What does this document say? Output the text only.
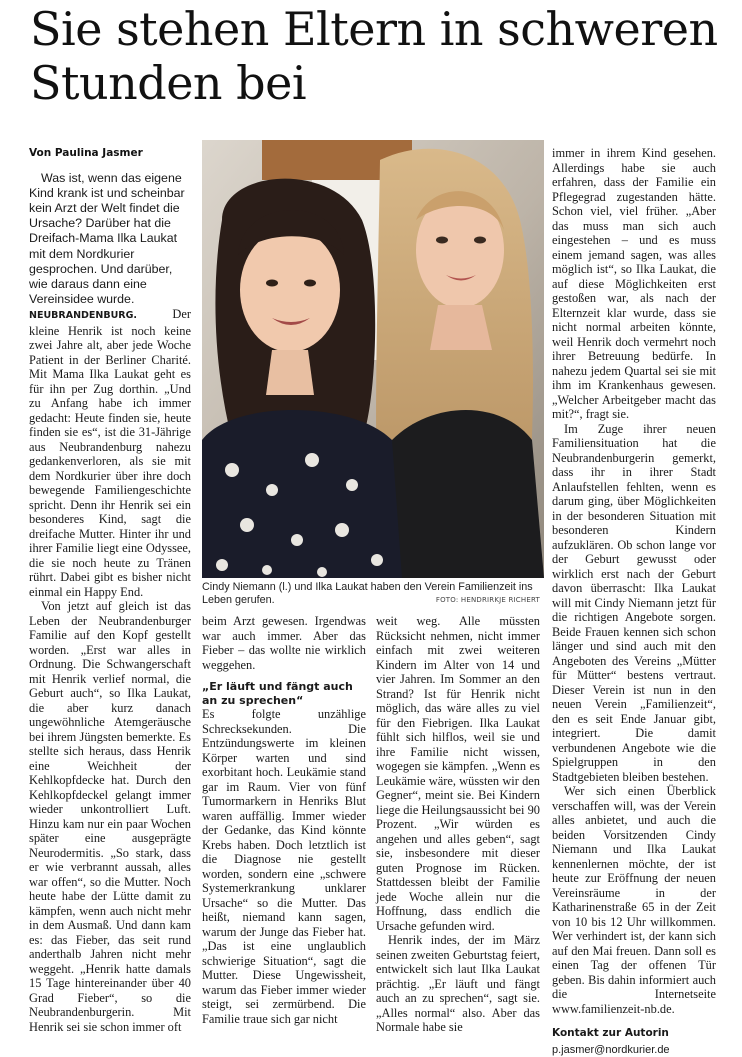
Sie stehen Eltern in schweren Stunden bei
Von Paulina Jasmer

Was ist, wenn das eigene Kind krank ist und scheinbar kein Arzt der Welt findet die Ursache? Darüber hat die Dreifach-Mama Ilka Laukat mit dem Nordkurier gesprochen. Und darüber, wie daraus dann eine Vereinsidee wurde.

NEUBRANDENBURG.	Der kleine Henrik ist noch keine zwei Jahre alt, aber jede Woche Patient in der Berliner Charité. Mit Mama Ilka Laukat geht es für ihn per Zug dorthin. „Und zu Anfang habe ich immer gedacht: Heute finden sie, heute finden sie es“, ist die 31-Jährige aus Neubrandenburg nahezu gedankenverloren, als sie mit dem Nordkurier über ihre doch bewegende Familiengeschichte spricht. Denn ihr Henrik sei ein besonderes Kind, sagt die dreifache Mutter. Hinter ihr und ihrer Familie liegt eine Odyssee, die sie noch heute zu Tränen rührt. Dabei gibt es bisher nicht einmal ein Happy End.

Von jetzt auf gleich ist das Leben der Neubrandenburger Familie auf den Kopf gestellt worden. „Erst war alles in Ordnung. Die Schwangerschaft mit Henrik verlief normal, die Geburt auch“, so Ilka Laukat, die aber kurz danach ungewöhnliche Atemgeräusche bei ihrem Jüngsten bemerkte. Es stellte sich heraus, dass Henrik eine Weichheit der Kehlkopfdecke hat. Durch den Kehlkopfdeckel gelangt immer wieder unkontrolliert Luft. Hinzu kam nur ein paar Wochen später eine ausgeprägte Neurodermitis. „So stark, dass er wie verbrannt aussah, alles war offen“, so die Mutter. Noch heute habe der Lütte damit zu kämpfen, wenn auch nicht mehr in dem Ausmaß. Und dann kam es: das Fieber, das seit rund anderthalb Jahren nicht mehr weggeht. „Henrik hatte damals 15 Tage hintereinander über 40 Grad Fieber“, so die Neubrandenburgerin. Mit Henrik sei sie schon immer oft

Cindy Niemann (l.) und Ilka Laukat haben den Verein Familienzeit ins Leben gerufen.	FOTO: HENDRIRKJE RICHERT

beim Arzt gewesen. Irgendwas war auch immer. Aber das Fieber – das wollte nie wirklich weggehen.

„Er läuft und fängt auch an zu sprechen“

Es folgte unzählige Schrecksekunden. Die Entzündungswerte im kleinen Körper warten und sind exorbitant hoch. Leukämie stand gar im Raum. Vier von fünf Tumormarkern in Henriks Blut waren auffällig. Immer wieder der Gedanke, das Kind könnte Krebs haben. Doch letztlich ist die Diagnose nie gestellt worden, sondern eine „schwere Systemerkrankung unklarer Ursache“ so die Mutter. Das heißt, niemand kann sagen, warum der Junge das Fieber hat. „Das ist eine unglaublich schwierige Situation“, sagt die Mutter. Diese Ungewissheit, warum das Fieber immer wieder steigt, sei zermürbend. Die Familie traue sich gar nicht

weit weg. Alle müssten Rücksicht nehmen, nicht immer einfach mit zwei weiteren Kindern im Alter von 14 und vier Jahren. Im Sommer an den Strand? Ist für Henrik nicht möglich, das wäre alles zu viel für den Fiebrigen. Ilka Laukat fühlt sich hilflos, weil sie und ihre Familie nicht wissen, wogegen sie kämpfen. „Wenn es Leukämie wäre, wüssten wir den Gegner“, meint sie. Bei Kindern liege die Heilungsaussicht bei 90 Prozent. „Wir würden es angehen und alles geben“, sagt sie, insbesondere mit dieser guten Prognose im Rücken. Stattdessen bleibt der Familie jede Woche allein nur die Hoffnung, dass endlich die Ursache gefunden wird.

Henrik indes, der im März seinen zweiten Geburtstag feiert, entwickelt sich laut Ilka Laukat prächtig. „Er läuft und fängt auch an zu sprechen“, sagt sie. „Alles normal“ also. Aber das Normale habe sie

immer in ihrem Kind gesehen. Allerdings habe sie auch erfahren, dass der Familie ein Pflegegrad zugestanden hätte. Schon viel, viel früher. „Aber das muss man sich auch eingestehen – und es muss einem jemand sagen, was alles möglich ist“, so Ilka Laukat, die auf diese Möglichkeiten erst gestoßen war, als nach der Elternzeit klar wurde, dass sie nicht normal arbeiten könnte, weil Henrik doch vermehrt noch ihrer Betreuung bedürfe. In nahezu jedem Quartal sei sie mit ihm im Krankenhaus gewesen. „Welcher Arbeitgeber macht das mit?“, fragt sie.

Im Zuge ihrer neuen Familiensituation hat die Neubrandenburgerin gemerkt, dass ihr in ihrer Stadt Anlaufstellen fehlten, wenn es darum ging, über Möglichkeiten in der besonderen Situation mit besonderen Kindern aufzuklären. Ob schon lange vor der Geburt gewusst oder wirklich erst nach der Geburt davon überrascht: Ilka Laukat will mit Cindy Niemann jetzt für die richtigen Angebote sorgen. Beide Frauen kennen sich schon länger und sind auch mit den Angeboten des Vereins „Mütter für Mütter“ bestens vertraut. Dieser Verein ist nun in den neuen Verein „Familienzeit“, den es seit Ende Januar gibt, integriert. Die damit verbundenen Angebote wie die Spielgruppen in den Stadtgebieten bleiben bestehen.

Wer sich einen Überblick verschaffen will, was der Verein alles anbietet, und auch die beiden Vorsitzenden Cindy Niemann und Ilka Laukat kennenlernen möchte, der ist heute zur Eröffnung der neuen Vereinsräume in der Katharinenstraße 65 in der Zeit von 10 bis 12 Uhr willkommen. Wer verhindert ist, der kann sich auf den Mai freuen. Dann soll es einen Tag der offenen Tür geben. Bis dahin informiert auch die Internetseite www.familienzeit-nb.de.

Kontakt zur Autorin
p.jasmer@nordkurier.de
